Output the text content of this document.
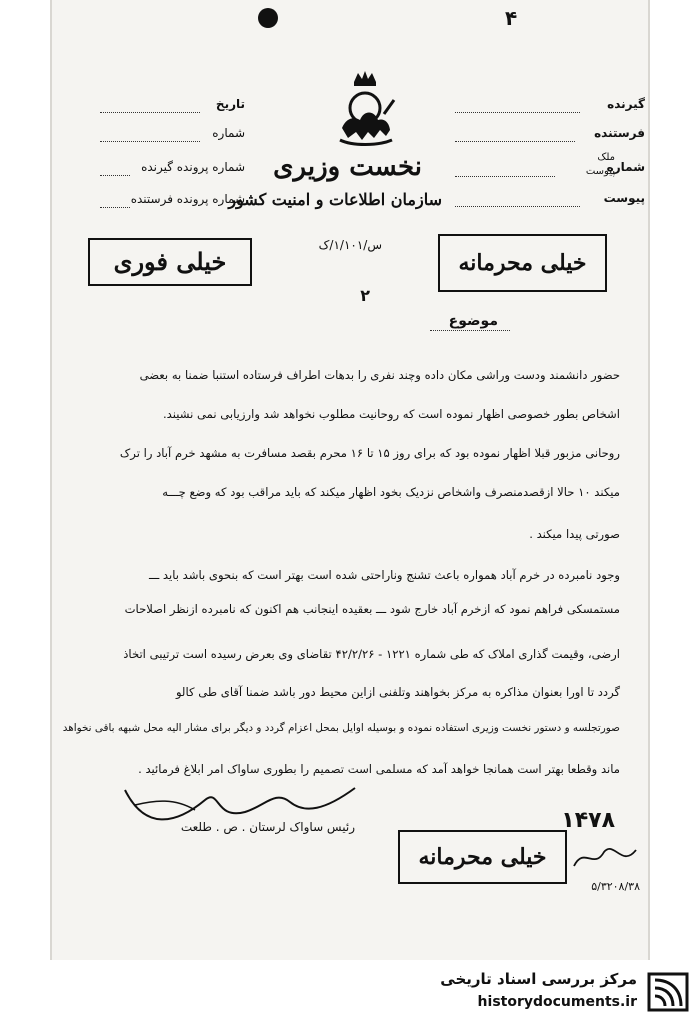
۴
گیرنده
فرستنده
شماره
ملک
پیوست
پیوست
تاریخ
شماره
شماره پرونده گیرنده
شماره پرونده فرستنده
نخست وزیری
سازمان اطلاعات و امنیت کشور
س/۱/۱۰۱/ک
خیلی فوری	خیلی محرمانه
۲
موضوع
حضور دانشمند ودست وراشی مکان داده وچند نفری را بدهات اطراف فرستاده استنبا ضمنا به بعضی
اشخاص بطور خصوصی اظهار نموده است که روحانیت مطلوب نخواهد شد وارزیابی نمی نشیند.
روحانی مزبور قبلا اظهار نموده بود که برای روز ۱۵ تا ۱۶ محرم بقصد مسافرت به مشهد خرم آباد را ترک
میکند ۱۰ حالا ازقصدمنصرف واشخاص نزدیک بخود اظهار میکند که باید مراقب بود که وضع چـــه
صورتی پیدا میکند .
وجود نامبرده در خرم آباد همواره باعث تشنج وناراحتی شده است بهتر است که بنحوی باشد باید ـــ
مستمسکی فراهم نمود که ازخرم آباد خارج شود ـــ بعقیده اینجانب هم اکنون که نامبرده ازنظر اصلاحات
ارضی، وقیمت گذاری املاک که طی شماره ۱۲۲۱ - ۴۲/۲/۲۶ تقاضای وی بعرض رسیده است ترتیبی اتخاذ
گردد تا اورا بعنوان مذاکره به مرکز بخواهند وتلفنی ازاین محیط دور باشد ضمنا آقای طی کالو
صورتجلسه و دستور نخست وزیری استفاده نموده و بوسیله اوایل بمحل اعزام گردد و دیگر برای مشار الیه محل شبهه باقی نخواهد
ماند وقطعا بهتر است همانجا خواهد آمد که مسلمی است تصمیم را بطوری ساواک امر ابلاغ فرمائید .
رئیس ساواک لرستان . ص . طلعت	۱۴۷۸
خیلی محرمانه
۵/۳۲۰۸/۳۸
مرکز بررسی اسناد تاریخی
historydocuments.ir
